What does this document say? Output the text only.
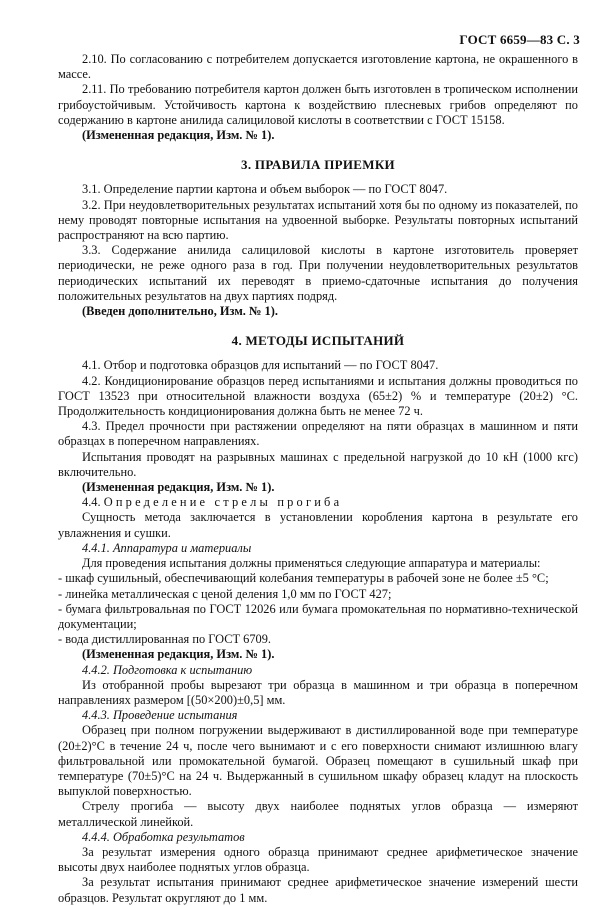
ГОСТ 6659—83 С. 3

2.10. По согласованию с потребителем допускается изготовление картона, не окрашенного в массе.

2.11. По требованию потребителя картон должен быть изготовлен в тропическом исполнении грибоустойчивым. Устойчивость картона к воздействию плесневых грибов определяют по содержанию в картоне анилида салициловой кислоты в соответствии с ГОСТ 15158.

(Измененная редакция, Изм. № 1).

3. ПРАВИЛА ПРИЕМКИ

3.1. Определение партии картона и объем выборок — по ГОСТ 8047.

3.2. При неудовлетворительных результатах испытаний хотя бы по одному из показателей, по нему проводят повторные испытания на удвоенной выборке. Результаты повторных испытаний распространяют на всю партию.

3.3. Содержание анилида салициловой кислоты в картоне изготовитель проверяет периодически, не реже одного раза в год. При получении неудовлетворительных результатов периодических испытаний их переводят в приемо-сдаточные испытания до получения положительных результатов на двух партиях подряд.

(Введен дополнительно, Изм. № 1).

4. МЕТОДЫ ИСПЫТАНИЙ

4.1. Отбор и подготовка образцов для испытаний — по ГОСТ 8047.

4.2. Кондиционирование образцов перед испытаниями и испытания должны проводиться по ГОСТ 13523 при относительной влажности воздуха (65±2) % и температуре (20±2) °С. Продолжительность кондиционирования должна быть не менее 72 ч.

4.3. Предел прочности при растяжении определяют на пяти образцах в машинном и пяти образцах в поперечном направлениях.

Испытания проводят на разрывных машинах с предельной нагрузкой до 10 кН (1000 кгс) включительно.

(Измененная редакция, Изм. № 1).

4.4. Определение стрелы прогиба

Сущность метода заключается в установлении коробления картона в результате его увлажнения и сушки.

4.4.1. Аппаратура и материалы

Для проведения испытания должны применяться следующие аппаратура и материалы:

- шкаф сушильный, обеспечивающий колебания температуры в рабочей зоне не более ±5 °С;

- линейка металлическая с ценой деления 1,0 мм по ГОСТ 427;

- бумага фильтровальная по ГОСТ 12026 или бумага промокательная по нормативно-технической документации;

- вода дистиллированная по ГОСТ 6709.

(Измененная редакция, Изм. № 1).

4.4.2. Подготовка к испытанию

Из отобранной пробы вырезают три образца в машинном и три образца в поперечном направлениях размером [(50×200)±0,5] мм.

4.4.3. Проведение испытания

Образец при полном погружении выдерживают в дистиллированной воде при температуре (20±2)°С в течение 24 ч, после чего вынимают и с его поверхности снимают излишнюю влагу фильтровальной или промокательной бумагой. Образец помещают в сушильный шкаф при температуре (70±5)°С на 24 ч. Выдержанный в сушильном шкафу образец кладут на плоскость выпуклой поверхностью.

Стрелу прогиба — высоту двух наиболее поднятых углов образца — измеряют металлической линейкой.

4.4.4. Обработка результатов

За результат измерения одного образца принимают среднее арифметическое значение высоты двух наиболее поднятых углов образца.

За результат испытания принимают среднее арифметическое значение измерений шести образцов. Результат округляют до 1 мм.
